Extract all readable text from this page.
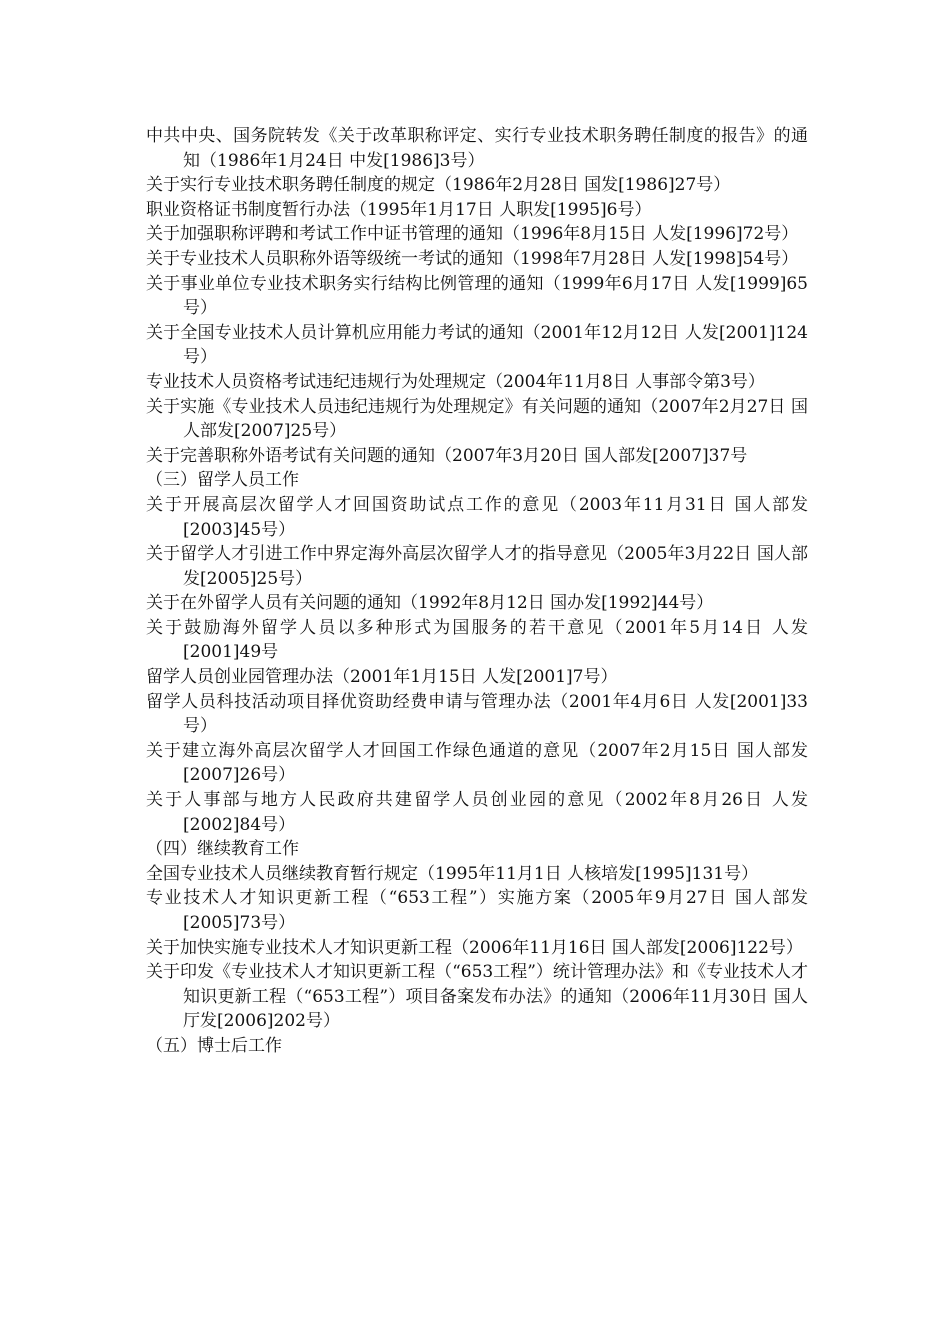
中共中央、国务院转发《关于改革职称评定、实行专业技术职务聘任制度的报告》的通知（1986年1月24日 中发[1986]3号）

关于实行专业技术职务聘任制度的规定（1986年2月28日 国发[1986]27号）

职业资格证书制度暂行办法（1995年1月17日 人职发[1995]6号）

关于加强职称评聘和考试工作中证书管理的通知（1996年8月15日 人发[1996]72号）

关于专业技术人员职称外语等级统一考试的通知（1998年7月28日 人发[1998]54号）

关于事业单位专业技术职务实行结构比例管理的通知（1999年6月17日 人发[1999]65号）

关于全国专业技术人员计算机应用能力考试的通知（2001年12月12日 人发[2001]124号）

专业技术人员资格考试违纪违规行为处理规定（2004年11月8日 人事部令第3号）

关于实施《专业技术人员违纪违规行为处理规定》有关问题的通知（2007年2月27日 国人部发[2007]25号）

关于完善职称外语考试有关问题的通知（2007年3月20日 国人部发[2007]37号

（三）留学人员工作

关于开展高层次留学人才回国资助试点工作的意见（2003年11月31日 国人部发[2003]45号）

关于留学人才引进工作中界定海外高层次留学人才的指导意见（2005年3月22日 国人部发[2005]25号）

关于在外留学人员有关问题的通知（1992年8月12日 国办发[1992]44号）

关于鼓励海外留学人员以多种形式为国服务的若干意见（2001年5月14日 人发[2001]49号

留学人员创业园管理办法（2001年1月15日 人发[2001]7号）

留学人员科技活动项目择优资助经费申请与管理办法（2001年4月6日 人发[2001]33号）

关于建立海外高层次留学人才回国工作绿色通道的意见（2007年2月15日 国人部发[2007]26号）

关于人事部与地方人民政府共建留学人员创业园的意见（2002年8月26日 人发[2002]84号）

（四）继续教育工作

全国专业技术人员继续教育暂行规定（1995年11月1日 人核培发[1995]131号）

专业技术人才知识更新工程（“653工程”）实施方案（2005年9月27日 国人部发[2005]73号）

关于加快实施专业技术人才知识更新工程（2006年11月16日 国人部发[2006]122号）

关于印发《专业技术人才知识更新工程（“653工程”）统计管理办法》和《专业技术人才知识更新工程（“653工程”）项目备案发布办法》的通知（2006年11月30日 国人厅发[2006]202号）

（五）博士后工作
